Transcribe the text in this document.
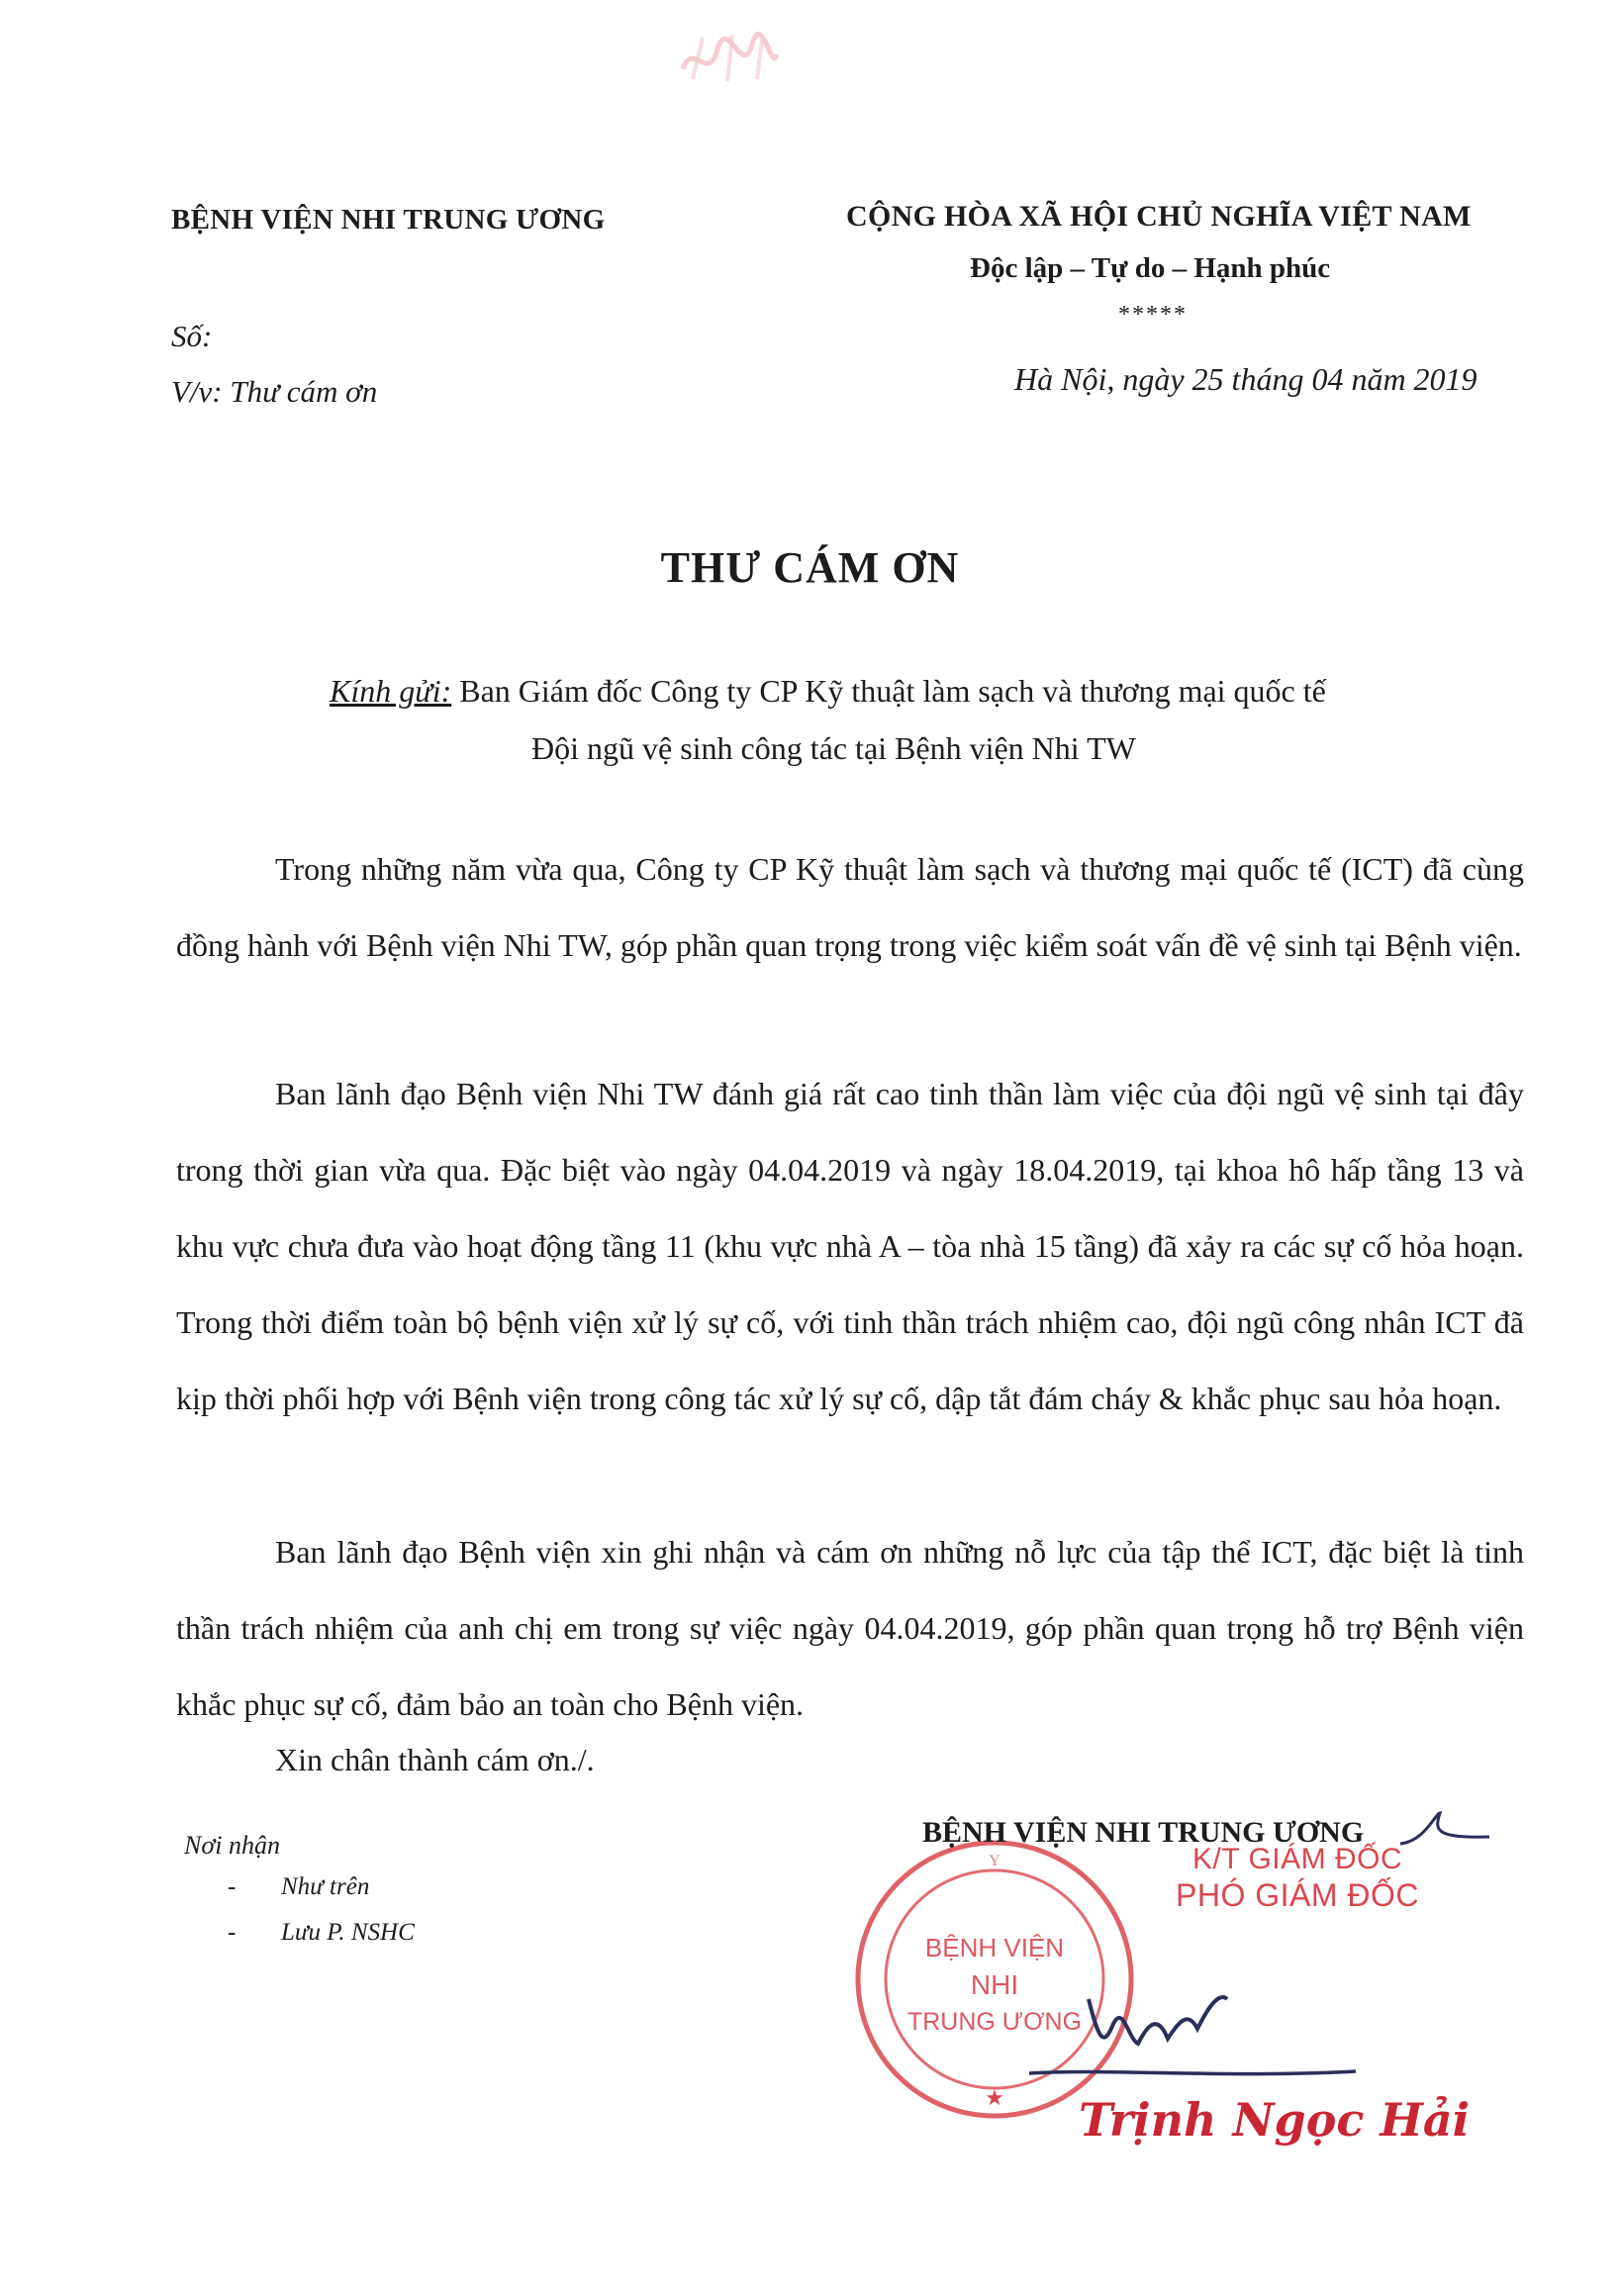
BỆNH VIỆN NHI TRUNG ƯƠNG	CỘNG HÒA XÃ HỘI CHỦ NGHĨA VIỆT NAM
Độc lập – Tự do – Hạnh phúc
*****
Số:
V/v: Thư cám ơn	Hà Nội, ngày 25 tháng 04 năm 2019
THƯ CÁM ƠN
Kính gửi: Ban Giám đốc Công ty CP Kỹ thuật làm sạch và thương mại quốc tế
Đội ngũ vệ sinh công tác tại Bệnh viện Nhi TW

Trong những năm vừa qua, Công ty CP Kỹ thuật làm sạch và thương mại quốc tế (ICT) đã cùng đồng hành với Bệnh viện Nhi TW, góp phần quan trọng trong việc kiểm soát vấn đề vệ sinh tại Bệnh viện.

Ban lãnh đạo Bệnh viện Nhi TW đánh giá rất cao tinh thần làm việc của đội ngũ vệ sinh tại đây trong thời gian vừa qua. Đặc biệt vào ngày 04.04.2019 và ngày 18.04.2019, tại khoa hô hấp tầng 13 và khu vực chưa đưa vào hoạt động tầng 11 (khu vực nhà A – tòa nhà 15 tầng) đã xảy ra các sự cố hỏa hoạn. Trong thời điểm toàn bộ bệnh viện xử lý sự cố, với tinh thần trách nhiệm cao, đội ngũ công nhân ICT đã kịp thời phối hợp với Bệnh viện trong công tác xử lý sự cố, dập tắt đám cháy & khắc phục sau hỏa hoạn.

Ban lãnh đạo Bệnh viện xin ghi nhận và cám ơn những nỗ lực của tập thể ICT, đặc biệt là tinh thần trách nhiệm của anh chị em trong sự việc ngày 04.04.2019, góp phần quan trọng hỗ trợ Bệnh viện khắc phục sự cố, đảm bảo an toàn cho Bệnh viện.

Xin chân thành cám ơn./.
Nơi nhận
- Như trên
- Lưu P. NSHC
BỆNH VIỆN
NHI
TRUNG ƯƠNG
★
Y
BỆNH VIỆN NHI TRUNG ƯƠNG
K/T GIÁM ĐỐC
PHÓ GIÁM ĐỐC
Trịnh Ngọc Hải
